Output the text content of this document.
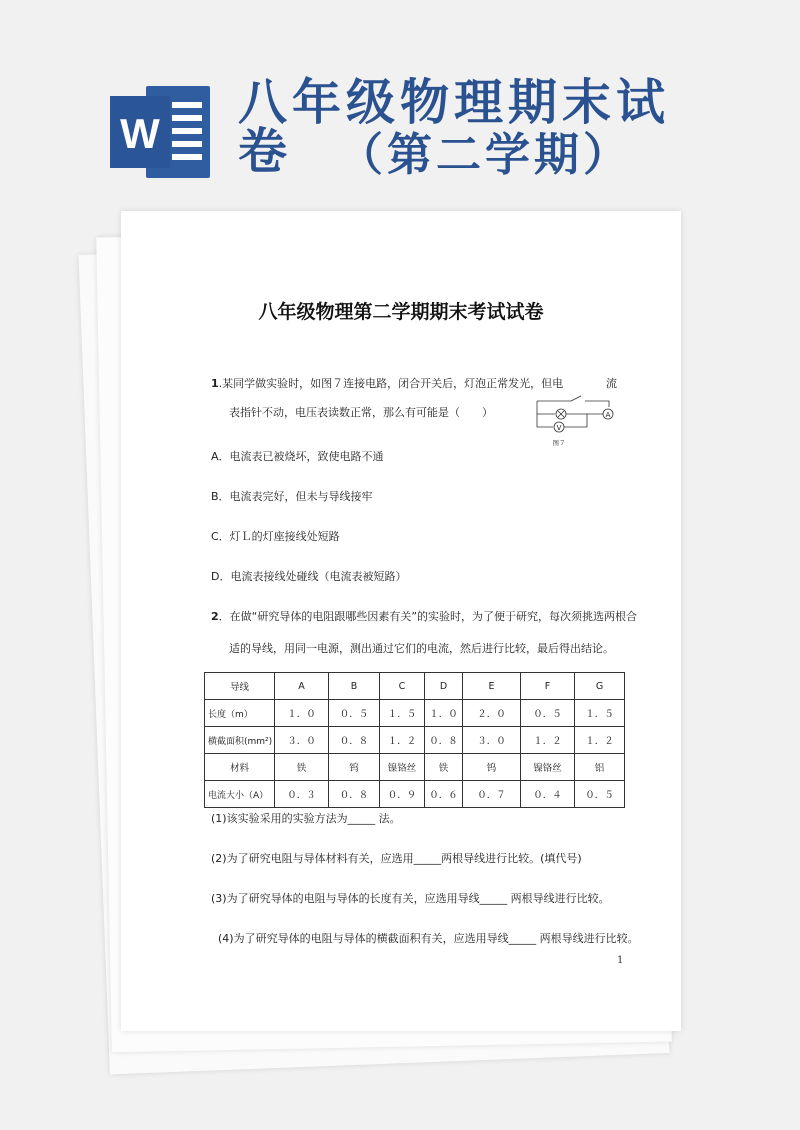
W
八年级物理期末试卷	（第二学期）
八年级物理第二学期期末考试试卷
1.某同学做实验时，如图７连接电路，闭合开关后，灯泡正常发光，但电	流
表指针不动，电压表读数正常，那么有可能是（　　）	A
V
图７
A．电流表已被烧坏，致使电路不通
B．电流表完好，但未与导线接牢
C．灯Ｌ的灯座接线处短路
D．电流表接线处碰线（电流表被短路）
2．在做“研究导体的电阻跟哪些因素有关”的实验时，为了便于研究，每次须挑选两根合
适的导线，用同一电源，测出通过它们的电流，然后进行比较，最后得出结论。
导线	A	B	C	D	E	F	G
长度（m）	１．０	０．５	１．５	１．０	２．０	０．５	１．５
横截面积(mm²)	３．０	０．８	１．２	０．８	３．０	１．２	１．２
材料	铁	钨	镍铬丝	铁	钨	镍铬丝	铝
电流大小（A）	０．３	０．８	０．９	０．６	０．７	０．４	０．５
(1)该实验采用的实验方法为_____ 法。
(2)为了研究电阻与导体材料有关，应选用_____两根导线进行比较。(填代号)
(3)为了研究导体的电阻与导体的长度有关，应选用导线_____ 两根导线进行比较。
(4)为了研究导体的电阻与导体的横截面积有关，应选用导线_____ 两根导线进行比较。
1
